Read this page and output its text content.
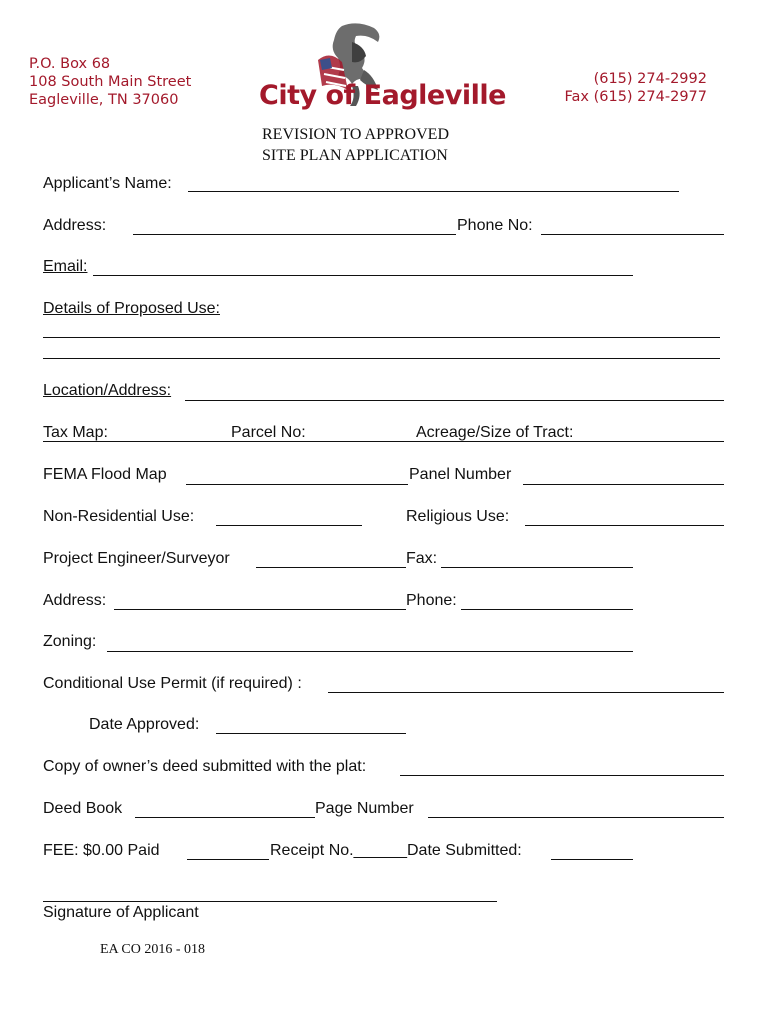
P.O. Box 68
108 South Main Street
Eagleville, TN 37060	City of Eagleville
(615) 274-2992
Fax (615) 274-2977
REVISION TO APPROVED
SITE PLAN APPLICATION
Applicant’s Name:
Address:	Phone No:
Email:
Details of Proposed Use:
Location/Address:
Tax Map:	Parcel No:	Acreage/Size of Tract:
FEMA Flood Map	Panel Number
Non-Residential Use:	Religious Use:
Project Engineer/Surveyor	Fax:
Address:	Phone:
Zoning:
Conditional Use Permit (if required) :
Date Approved:
Copy of owner’s deed submitted with the plat:
Deed Book	Page Number
FEE: $0.00 Paid	Receipt No.______Date Submitted:
Signature of Applicant
EA CO 2016 - 018
